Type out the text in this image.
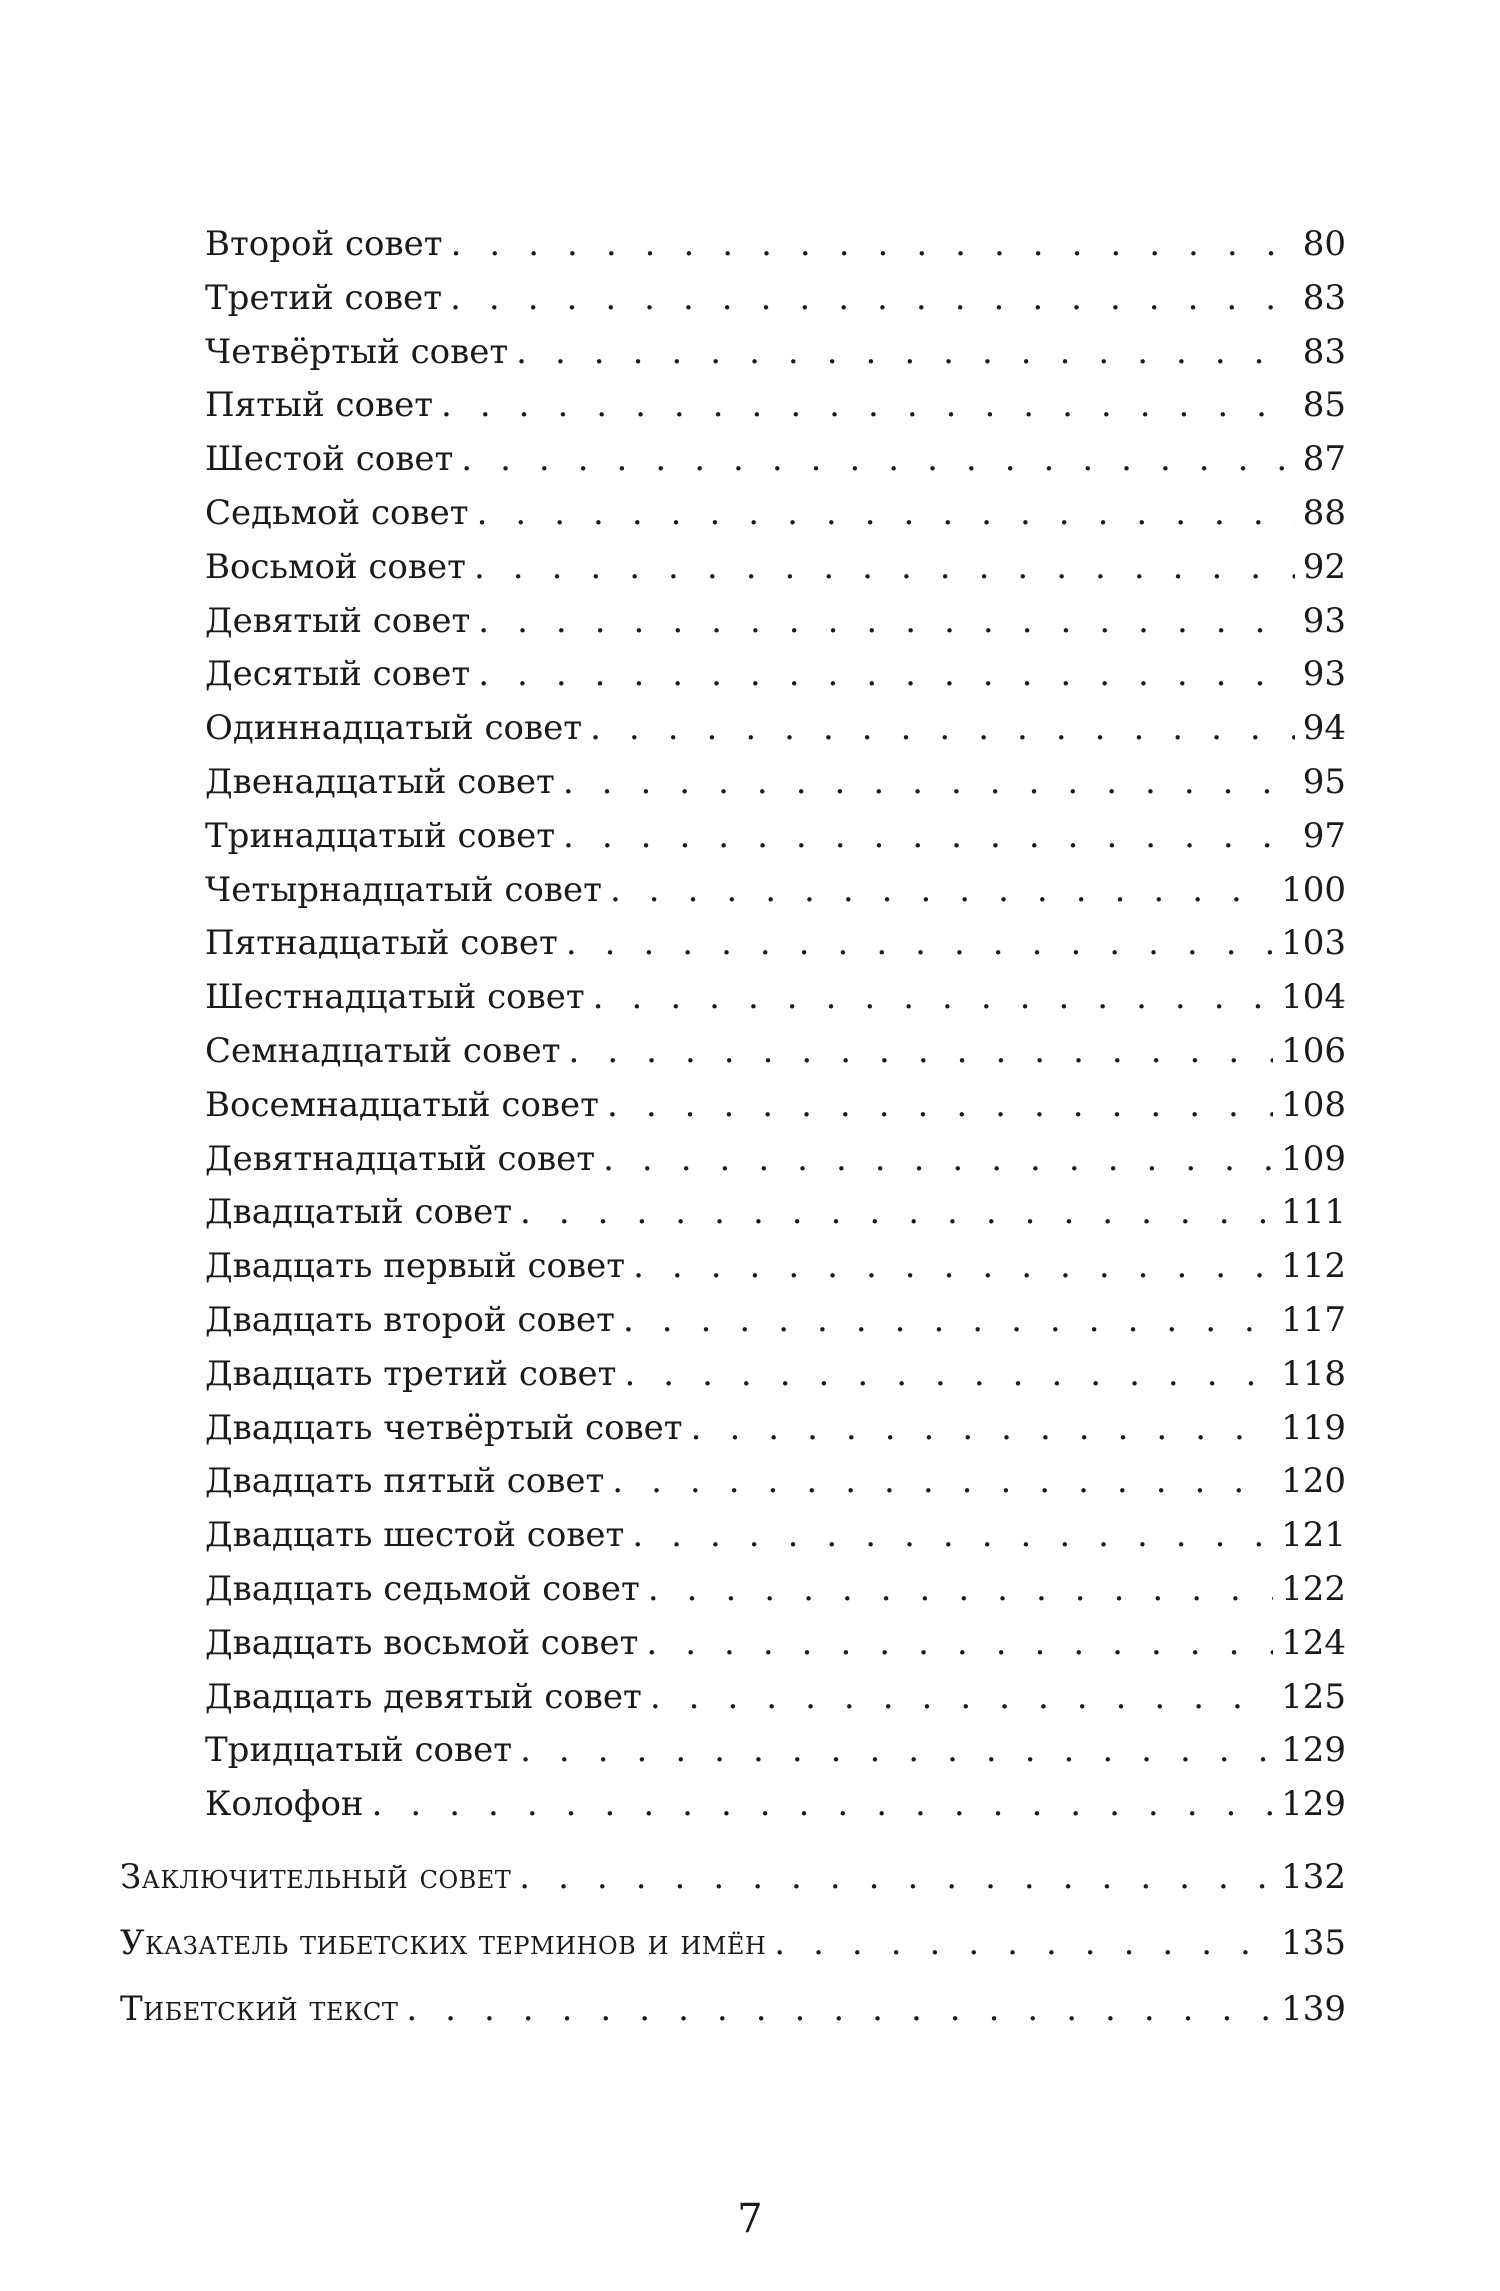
Второй совет . . .	80
Третий совет . . .	83
Четвёртый совет . . .	83
Пятый совет . . .	85
Шестой совет . . .	87
Седьмой совет . . .	88
Восьмой совет . . .	92
Девятый совет . . .	93
Десятый совет . . .	93
Одиннадцатый совет . . .	94
Двенадцатый совет . . .	95
Тринадцатый совет . . .	97
Четырнадцатый совет . . .	100
Пятнадцатый совет . . .	103
Шестнадцатый совет . . .	104
Семнадцатый совет . . .	106
Восемнадцатый совет . . .	108
Девятнадцатый совет . . .	109
Двадцатый совет . . .	111
Двадцать первый совет . . .	112
Двадцать второй совет . . .	117
Двадцать третий совет . . .	118
Двадцать четвёртый совет . . .	119
Двадцать пятый совет . . .	120
Двадцать шестой совет . . .	121
Двадцать седьмой совет . . .	122
Двадцать восьмой совет . . .	124
Двадцать девятый совет . . .	125
Тридцатый совет . . .	129
Колофон . . .	129
Заключительный совет . . .	132
Указатель тибетских терминов и имён . . .	135
Тибетский текст . . .	139
7
